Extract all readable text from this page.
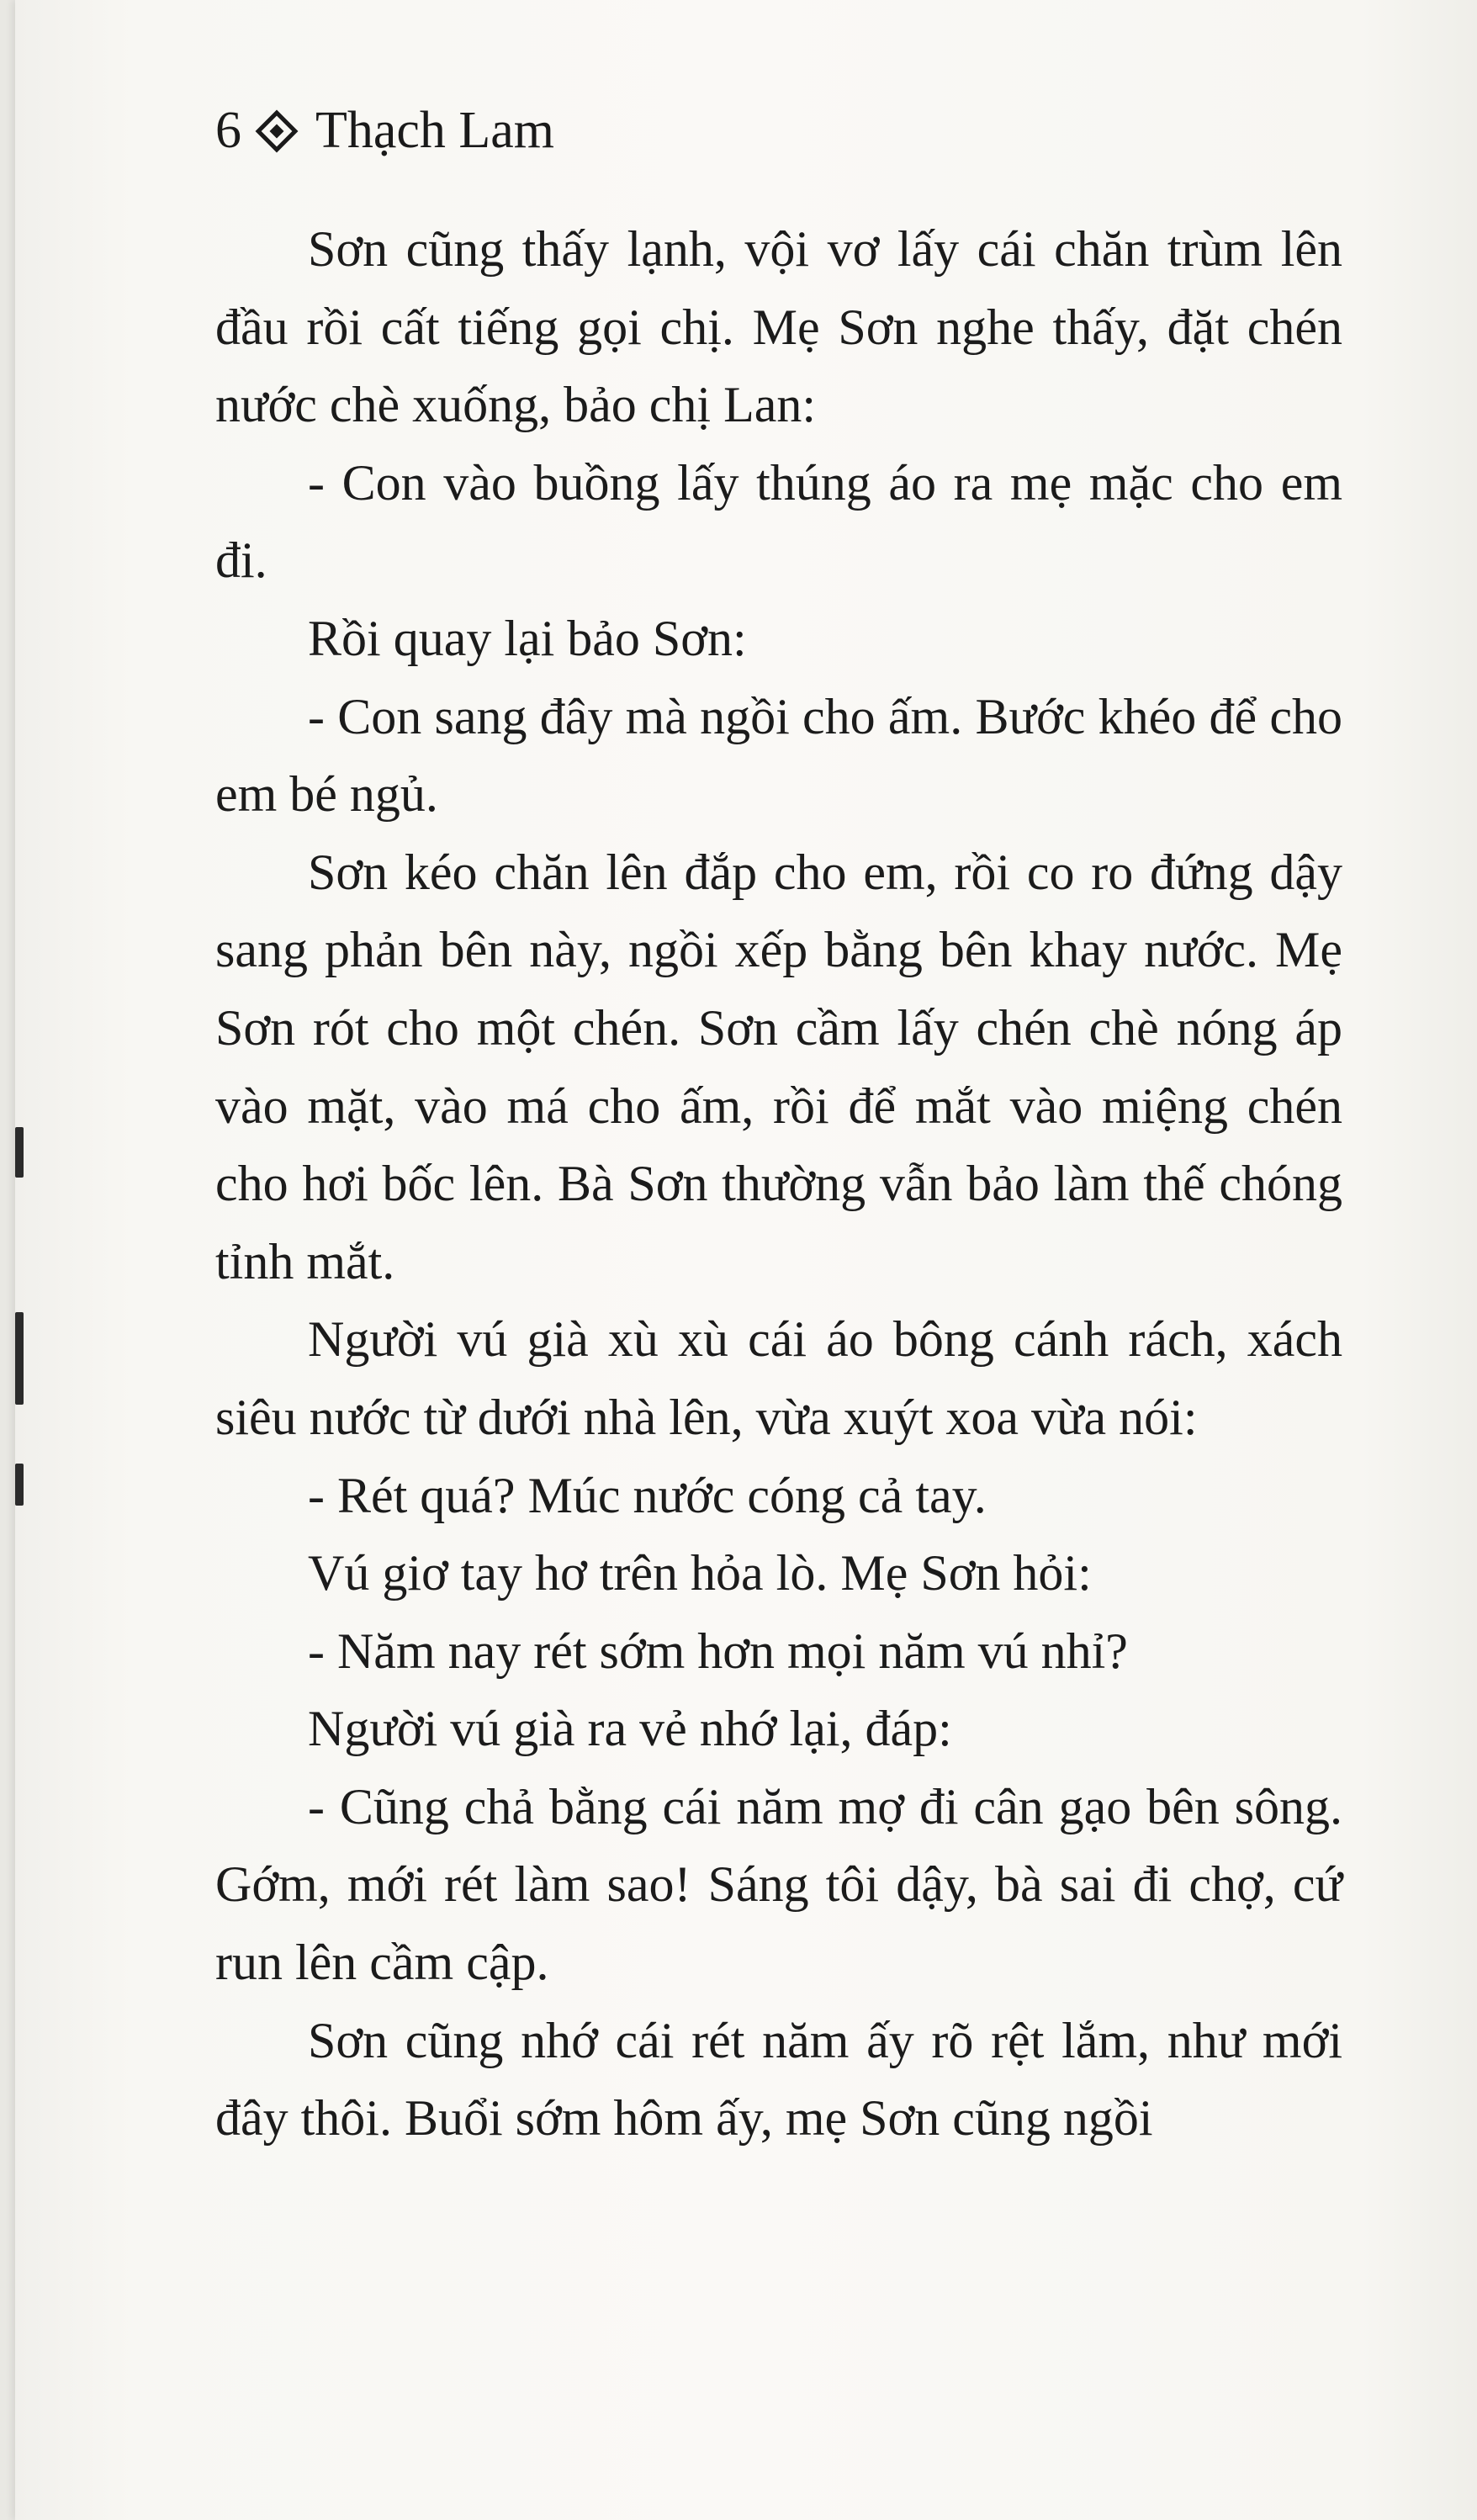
6 Thạch Lam

Sơn cũng thấy lạnh, vội vơ lấy cái chăn trùm lên đầu rồi cất tiếng gọi chị. Mẹ Sơn nghe thấy, đặt chén nước chè xuống, bảo chị Lan:

- Con vào buồng lấy thúng áo ra mẹ mặc cho em đi.

Rồi quay lại bảo Sơn:

- Con sang đây mà ngồi cho ấm. Bước khéo để cho em bé ngủ.

Sơn kéo chăn lên đắp cho em, rồi co ro đứng dậy sang phản bên này, ngồi xếp bằng bên khay nước. Mẹ Sơn rót cho một chén. Sơn cầm lấy chén chè nóng áp vào mặt, vào má cho ấm, rồi để mắt vào miệng chén cho hơi bốc lên. Bà Sơn thường vẫn bảo làm thế chóng tỉnh mắt.

Người vú già xù xù cái áo bông cánh rách, xách siêu nước từ dưới nhà lên, vừa xuýt xoa vừa nói:

- Rét quá? Múc nước cóng cả tay.

Vú giơ tay hơ trên hỏa lò. Mẹ Sơn hỏi:

- Năm nay rét sớm hơn mọi năm vú nhỉ?

Người vú già ra vẻ nhớ lại, đáp:

- Cũng chả bằng cái năm mợ đi cân gạo bên sông. Gớm, mới rét làm sao! Sáng tôi dậy, bà sai đi chợ, cứ run lên cầm cập.

Sơn cũng nhớ cái rét năm ấy rõ rệt lắm, như mới đây thôi. Buổi sớm hôm ấy, mẹ Sơn cũng ngồi
